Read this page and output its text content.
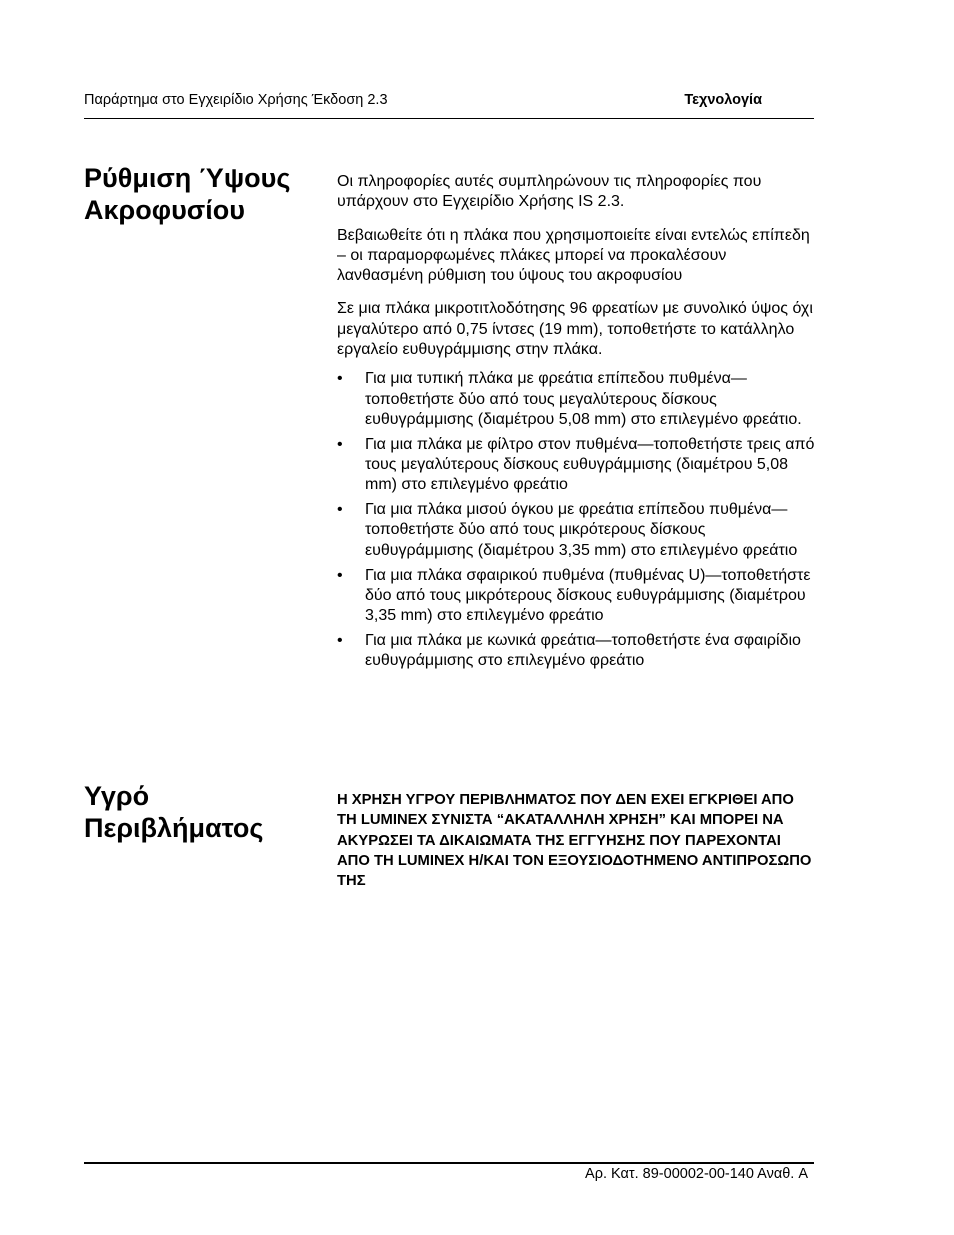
Παράρτημα στο Εγχειρίδιο Χρήσης Έκδοση 2.3	Τεχνολογία
Ρύθμιση Ύψους
Ακροφυσίου

Οι πληροφορίες αυτές συμπληρώνουν τις πληροφορίες που υπάρχουν στο Εγχειρίδιο Χρήσης IS 2.3.

Βεβαιωθείτε ότι η πλάκα που χρησιμοποιείτε είναι εντελώς επίπεδη – οι παραμορφωμένες πλάκες μπορεί να προκαλέσουν λανθασμένη ρύθμιση του ύψους του ακροφυσίου

Σε μια πλάκα μικροτιτλοδότησης 96 φρεατίων με συνολικό ύψος όχι μεγαλύτερο από 0,75 ίντσες (19 mm), τοποθετήστε το κατάλληλο εργαλείο ευθυγράμμισης στην πλάκα.

• Για μια τυπική πλάκα με φρεάτια επίπεδου πυθμένα—τοποθετήστε δύο από τους μεγαλύτερους δίσκους ευθυγράμμισης (διαμέτρου 5,08 mm) στο επιλεγμένο φρεάτιο.
• Για μια πλάκα με φίλτρο στον πυθμένα—τοποθετήστε τρεις από τους μεγαλύτερους δίσκους ευθυγράμμισης (διαμέτρου 5,08 mm) στο επιλεγμένο φρεάτιο
• Για μια πλάκα μισού όγκου με φρεάτια επίπεδου πυθμένα—τοποθετήστε δύο από τους μικρότερους δίσκους ευθυγράμμισης (διαμέτρου 3,35 mm) στο επιλεγμένο φρεάτιο
• Για μια πλάκα σφαιρικού πυθμένα (πυθμένας U)—τοποθετήστε δύο από τους μικρότερους δίσκους ευθυγράμμισης (διαμέτρου 3,35 mm) στο επιλεγμένο φρεάτιο
• Για μια πλάκα με κωνικά φρεάτια—τοποθετήστε ένα σφαιρίδιο ευθυγράμμισης στο επιλεγμένο φρεάτιο
Υγρό
Περιβλήματος

Η ΧΡΗΣΗ ΥΓΡΟΥ ΠΕΡΙΒΛΗΜΑΤΟΣ ΠΟΥ ΔΕΝ ΕΧΕΙ ΕΓΚΡΙΘΕΙ ΑΠΟ ΤΗ LUMINEX ΣΥΝΙΣΤΑ “ΑΚΑΤΑΛΛΗΛΗ ΧΡΗΣΗ” ΚΑΙ ΜΠΟΡΕΙ ΝΑ ΑΚΥΡΩΣΕΙ ΤΑ ΔΙΚΑΙΩΜΑΤΑ ΤΗΣ ΕΓΓΥΗΣΗΣ ΠΟΥ ΠΑΡΕΧΟΝΤΑΙ ΑΠΟ ΤΗ LUMINEX Η/ΚΑΙ ΤΟΝ ΕΞΟΥΣΙΟΔΟΤΗΜΕΝΟ ΑΝΤΙΠΡΟΣΩΠΟ ΤΗΣ

Αρ. Κατ. 89-00002-00-140 Αναθ. A
